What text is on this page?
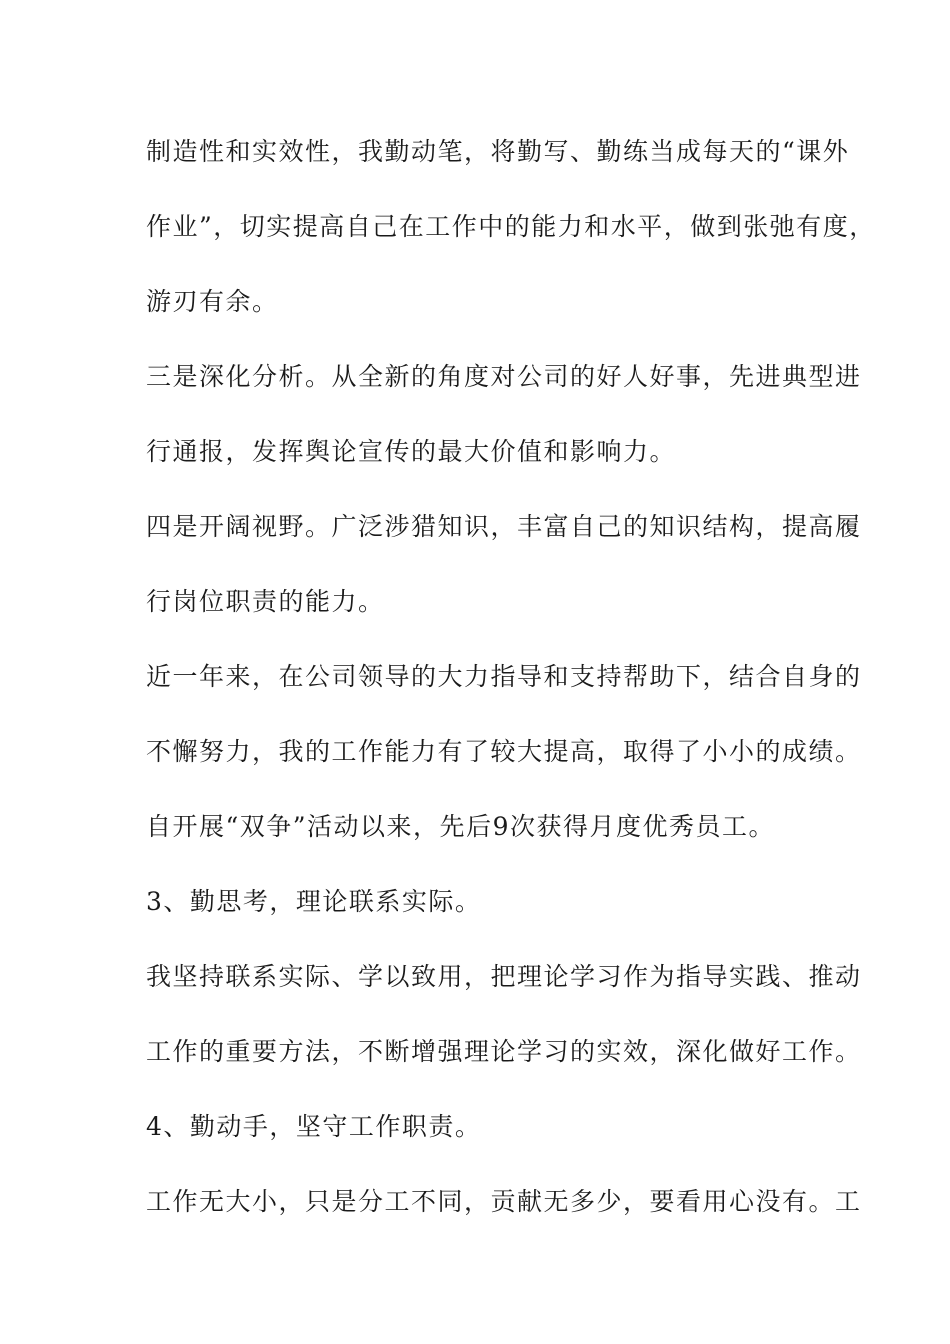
制造性和实效性，我勤动笔，将勤写、勤练当成每天的“课外
作业”，切实提高自己在工作中的能力和水平，做到张弛有度，
游刃有余。
三是深化分析。从全新的角度对公司的好人好事，先进典型进
行通报，发挥舆论宣传的最大价值和影响力。
四是开阔视野。广泛涉猎知识，丰富自己的知识结构，提高履
行岗位职责的能力。
近一年来，在公司领导的大力指导和支持帮助下，结合自身的
不懈努力，我的工作能力有了较大提高，取得了小小的成绩。
自开展“双争”活动以来，先后9次获得月度优秀员工。
3、勤思考，理论联系实际。
我坚持联系实际、学以致用，把理论学习作为指导实践、推动
工作的重要方法，不断增强理论学习的实效，深化做好工作。
4、勤动手，坚守工作职责。
工作无大小，只是分工不同，贡献无多少，要看用心没有。工
